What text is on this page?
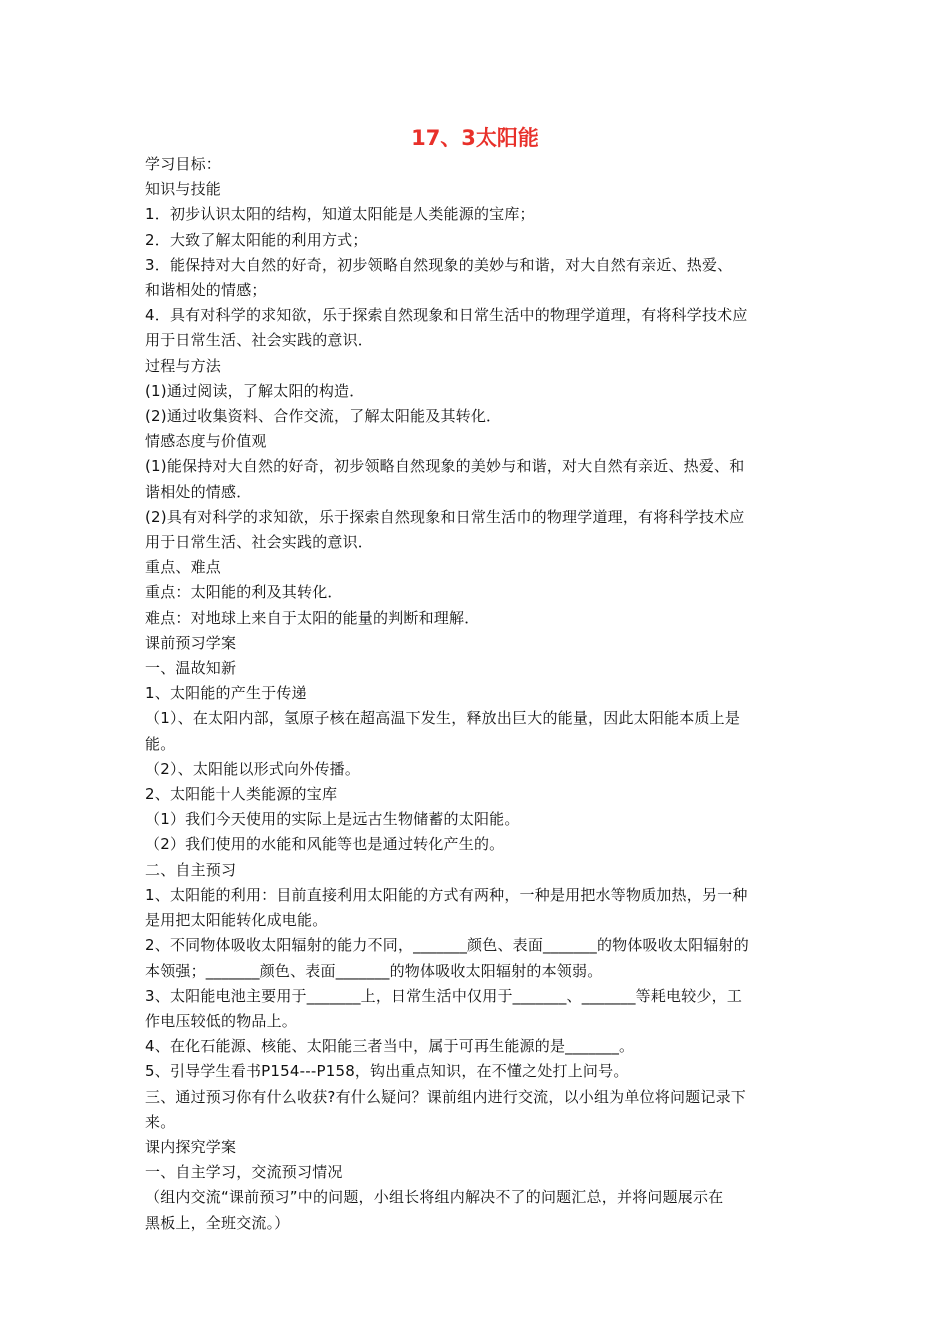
17、3太阳能
学习目标：
知识与技能
1．初步认识太阳的结构，知道太阳能是人类能源的宝库；
2．大致了解太阳能的利用方式；
3．能保持对大自然的好奇，初步领略自然现象的美妙与和谐，对大自然有亲近、热爱、
和谐相处的情感；
4．具有对科学的求知欲，乐于探索自然现象和日常生活中的物理学道理，有将科学技术应
用于日常生活、社会实践的意识．
过程与方法
(1)通过阅读，了解太阳的构造．
(2)通过收集资料、合作交流，了解太阳能及其转化．
情感态度与价值观
(1)能保持对大自然的好奇，初步领略自然现象的美妙与和谐，对大自然有亲近、热爱、和
谐相处的情感．
(2)具有对科学的求知欲，乐于探索自然现象和日常生活巾的物理学道理，有将科学技术应
用于日常生活、社会实践的意识．
重点、难点
重点：太阳能的利及其转化．
难点：对地球上来自于太阳的能量的判断和理解．
课前预习学案
一、温故知新
1、太阳能的产生于传递
（1）、在太阳内部，氢原子核在超高温下发生，释放出巨大的能量，因此太阳能本质上是
能。
（2）、太阳能以形式向外传播。
2、太阳能十人类能源的宝库
（1）我们今天使用的实际上是远古生物储蓄的太阳能。
（2）我们使用的水能和风能等也是通过转化产生的。
二、自主预习
1、太阳能的利用：目前直接利用太阳能的方式有两种，一种是用把水等物质加热，另一种
是用把太阳能转化成电能。
2、不同物体吸收太阳辐射的能力不同，_______颜色、表面_______的物体吸收太阳辐射的
本领强；_______颜色、表面_______的物体吸收太阳辐射的本领弱。
3、太阳能电池主要用于_______上，日常生活中仅用于_______、_______等耗电较少，工
作电压较低的物品上。
4、在化石能源、核能、太阳能三者当中，属于可再生能源的是_______。
5、引导学生看书P154---P158，钩出重点知识，在不懂之处打上问号。
三、通过预习你有什么收获?有什么疑问？课前组内进行交流，以小组为单位将问题记录下
来。
课内探究学案
一、自主学习，交流预习情况
（组内交流“课前预习”中的问题，小组长将组内解决不了的问题汇总，并将问题展示在
黑板上，全班交流。）
